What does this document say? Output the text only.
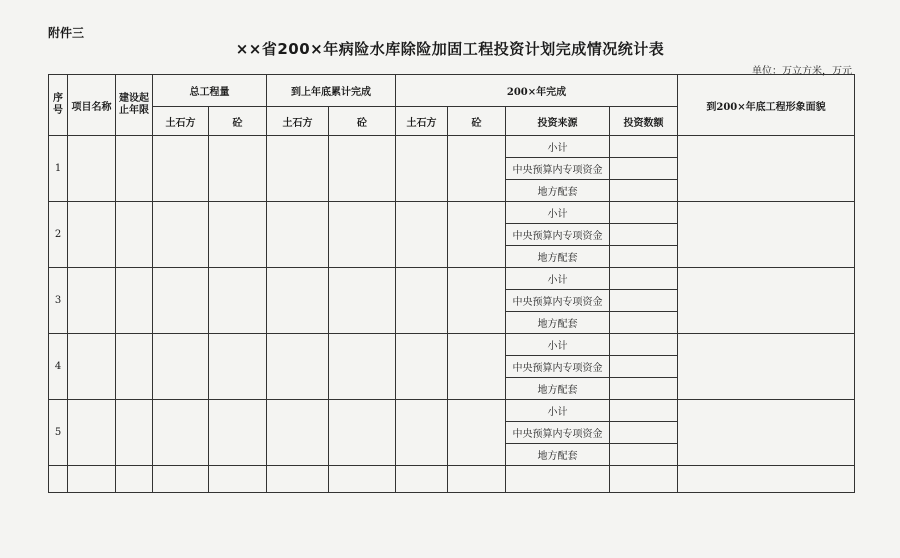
附件三
××省200×年病险水库除险加固工程投资计划完成情况统计表
单位：万立方米，万元
序号	项目名称	建设起止年限	总工程量		到上年底累计完成		200×年完成				到200×年底工程形象面貌
			土石方	砼	土石方	砼	土石方	砼	投资来源	投资数额	
1									小计		
									中央预算内专项资金		
									地方配套		
2									小计		
									中央预算内专项资金		
									地方配套		
3									小计		
									中央预算内专项资金		
									地方配套		
4									小计		
									中央预算内专项资金		
									地方配套		
5									小计		
									中央预算内专项资金		
									地方配套		
